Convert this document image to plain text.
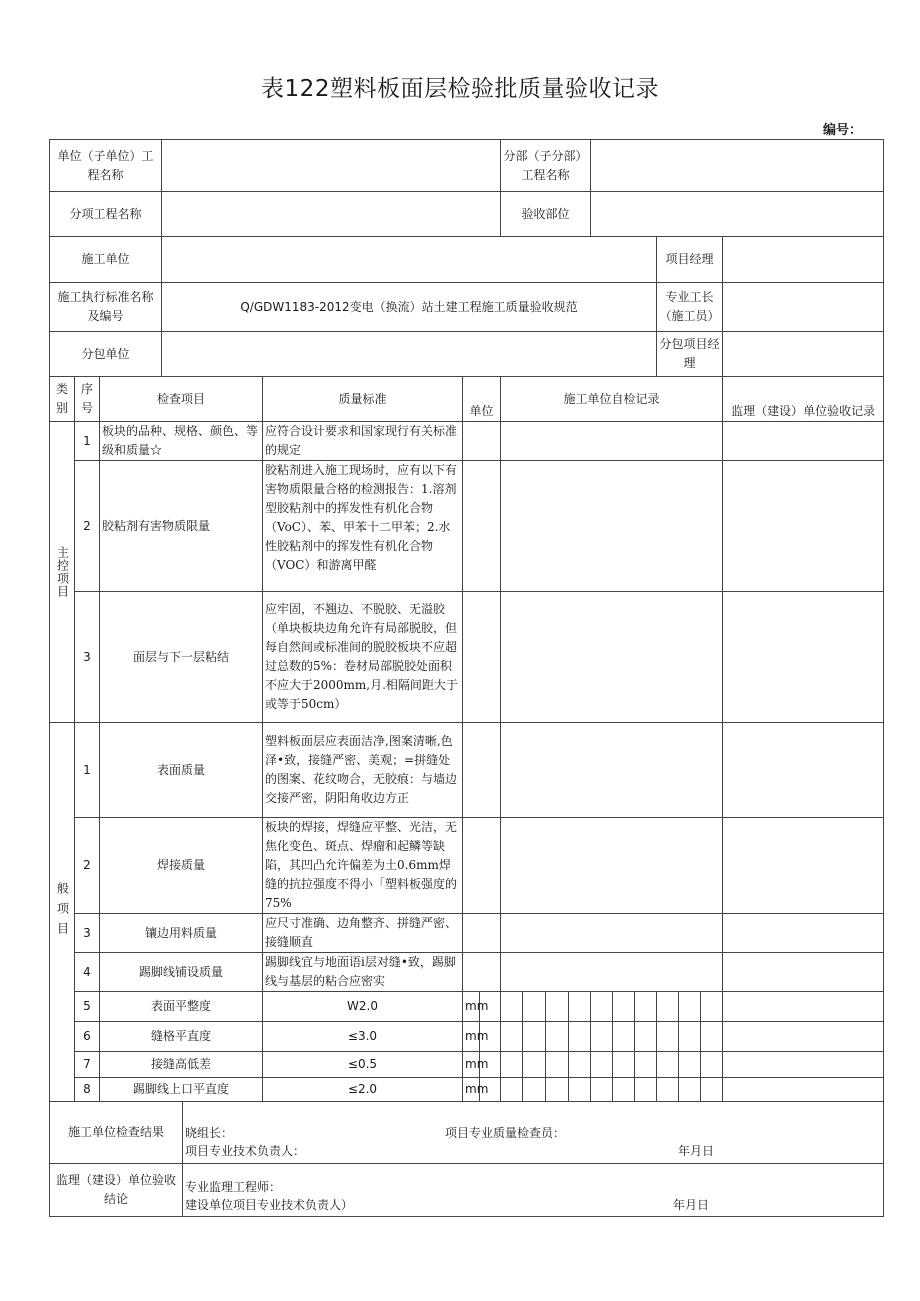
表122塑料板面层检验批质量验收记录
编号：
单位（子单位）工程名称								分部（子分部）工程名称											
分项工程名称								验收部位											
施工单位															项目经理				
施工执行标准名称及编号			Q/GDW1183-2012变电（换流）站土建工程施工质量验收规范												专业工长（施工员）				
分包单位															分包项目经理				
类别	序号	检查项目			质量标准	单位		施工单位自检记录										监理（建设）单位验收记录	

主控项目	1	板块的品种、规格、颜色、等级和质量☆			应符合设计要求和国家现行有关标准的规定														
	2	胶粘剂有害物质限量			胶粘剂进入施工现场时，应有以下有害物质限量合格的检测报告：1.溶剂型胶粘剂中的挥发性有机化合物（VoC）、苯、甲苯十二甲苯；2.水性胶粘剂中的挥发性有机化合物（VOC）和游离甲醛														
	3	面层与下一层粘结			应牢固，不翘边、不脱胶、无溢胶（单块板块边角允许有局部脱胶，但每自然间或标准间的脱胶板块不应超过总数的5%：卷材局部脱胶处面积不应大于2000mm,月.相隔间距大于或等于50cm）														

般项目	1	表面质量			塑料板面层应表面洁净,图案清晰,色泽•致，接缝严密、美观；=拼缝处的图案、花纹吻合，无胶痕：与墙边交接严密，阴阳角收边方正														
	2	焊接质量			板块的焊接，焊缝应平整、光洁，无焦化变色、斑点、焊瘤和起鳞等缺陷，其凹凸允许偏差为土0.6mm焊缝的抗拉强度不得小「塑料板强度的75%														
	3	镶边用料质量			应尺寸准确、边角整齐、拼缝严密、接缝顺直														
	4	踢脚线铺设质量			踢脚线宜与地面语i层对缝•致，踢脚线与基层的粘合应密实														
	5	表面平整度			W2.0	mm													
	6	缝格平直度			≤3.0	mm													
	7	接缝高低差			≤0.5	mm													
	8	踢脚线上口平直度			≤2.0	mm													
施工单位检查结果				晓组长： 项目专业质量检查员：
项目专业技术负责人： 年月日															

监理（建设）单位验收结论				专业监理工程师：
建设单位项目专业技术负责人） 年月日															
